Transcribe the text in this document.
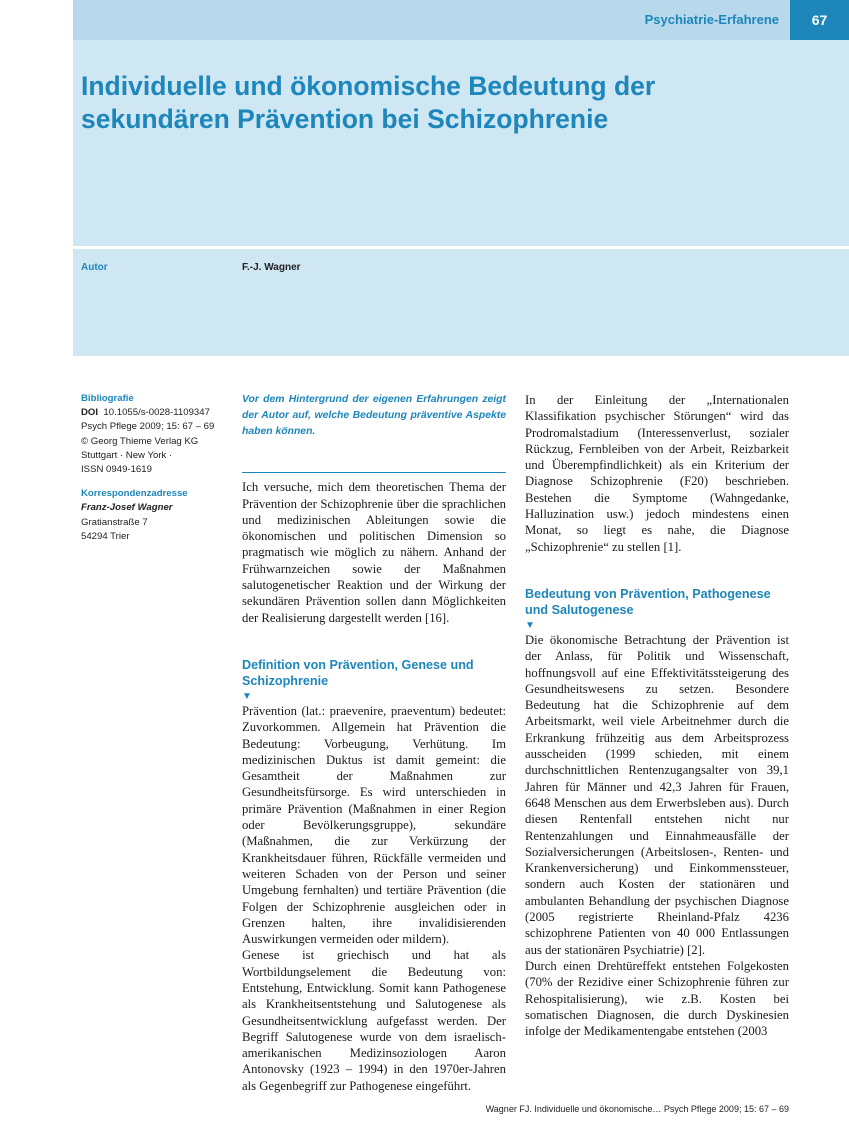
Psychiatrie-Erfahrene	67
Individuelle und ökonomische Bedeutung der sekundären Prävention bei Schizophrenie
Autor	F.-J. Wagner
Bibliografie
DOI 10.1055/s-0028-1109347
Psych Pflege 2009; 15: 67 – 69
© Georg Thieme Verlag KG
Stuttgart · New York ·
ISSN 0949-1619
Korrespondenzadresse
Franz-Josef Wagner
Gratianstraße 7
54294 Trier

Vor dem Hintergrund der eigenen Erfahrungen zeigt der Autor auf, welche Bedeutung präventive Aspekte haben können.

Ich versuche, mich dem theoretischen Thema der Prävention der Schizophrenie über die sprachlichen und medizinischen Ableitungen sowie die ökonomischen und politischen Dimension so pragmatisch wie möglich zu nähern. Anhand der Frühwarnzeichen sowie der Maßnahmen salutogenetischer Reaktion und der Wirkung der sekundären Prävention sollen dann Möglichkeiten der Realisierung dargestellt werden [16].

Definition von Prävention, Genese und Schizophrenie
▼

Prävention (lat.: praevenire, praeventum) bedeutet: Zuvorkommen. Allgemein hat Prävention die Bedeutung: Vorbeugung, Verhütung. Im medizinischen Duktus ist damit gemeint: die Gesamtheit der Maßnahmen zur Gesundheitsfürsorge. Es wird unterschieden in primäre Prävention (Maßnahmen in einer Region oder Bevölkerungsgruppe), sekundäre (Maßnahmen, die zur Verkürzung der Krankheitsdauer führen, Rückfälle vermeiden und weiteren Schaden von der Person und seiner Umgebung fernhalten) und tertiäre Prävention (die Folgen der Schizophrenie ausgleichen oder in Grenzen halten, ihre invalidisierenden Auswirkungen vermeiden oder mildern).

Genese ist griechisch und hat als Wortbildungselement die Bedeutung von: Entstehung, Entwicklung. Somit kann Pathogenese als Krankheitsentstehung und Salutogenese als Gesundheitsentwicklung aufgefasst werden. Der Begriff Salutogenese wurde von dem israelisch-amerikanischen Medizinsoziologen Aaron Antonovsky (1923 – 1994) in den 1970er-Jahren als Gegenbegriff zur Pathogenese eingeführt.

In der Einleitung der „Internationalen Klassifikation psychischer Störungen“ wird das Prodromalstadium (Interessenverlust, sozialer Rückzug, Fernbleiben von der Arbeit, Reizbarkeit und Überempfindlichkeit) als ein Kriterium der Diagnose Schizophrenie (F20) beschrieben. Bestehen die Symptome (Wahngedanke, Halluzination usw.) jedoch mindestens einen Monat, so liegt es nahe, die Diagnose „Schizophrenie“ zu stellen [1].

Bedeutung von Prävention, Pathogenese und Salutogenese
▼

Die ökonomische Betrachtung der Prävention ist der Anlass, für Politik und Wissenschaft, hoffnungsvoll auf eine Effektivitätssteigerung des Gesundheitswesens zu setzen. Besondere Bedeutung hat die Schizophrenie auf dem Arbeitsmarkt, weil viele Arbeitnehmer durch die Erkrankung frühzeitig aus dem Arbeitsprozess ausscheiden (1999 schieden, mit einem durchschnittlichen Rentenzugangsalter von 39,1 Jahren für Männer und 42,3 Jahren für Frauen, 6648 Menschen aus dem Erwerbsleben aus). Durch diesen Rentenfall entstehen nicht nur Rentenzahlungen und Einnahmeausfälle der Sozialversicherungen (Arbeitslosen-, Renten- und Krankenversicherung) und Einkommenssteuer, sondern auch Kosten der stationären und ambulanten Behandlung der psychischen Diagnose (2005 registrierte Rheinland-Pfalz 4236 schizophrene Patienten von 40 000 Entlassungen aus der stationären Psychiatrie) [2].

Durch einen Drehtüreffekt entstehen Folgekosten (70% der Rezidive einer Schizophrenie führen zur Rehospitalisierung), wie z.B. Kosten bei somatischen Diagnosen, die durch Dyskinesien infolge der Medikamentengabe entstehen (2003

Wagner FJ. Individuelle und ökonomische… Psych Pflege 2009; 15: 67 – 69
